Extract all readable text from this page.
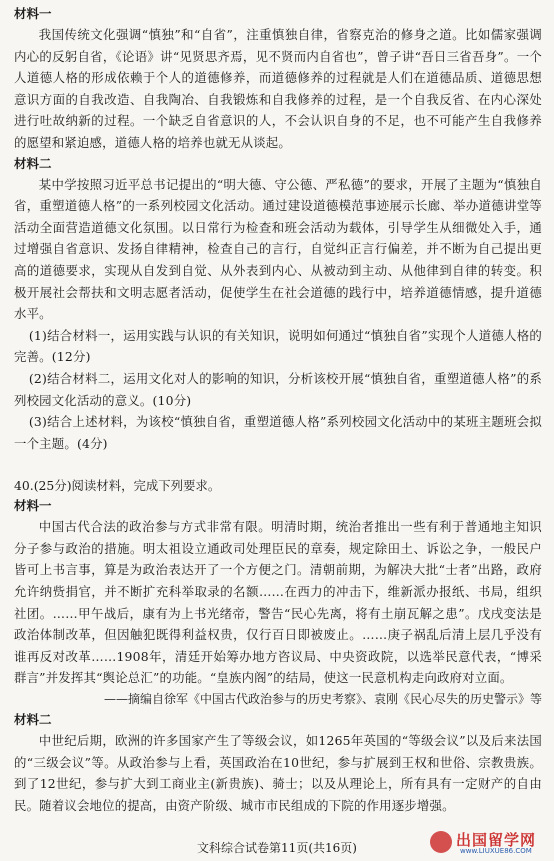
材料一

我国传统文化强调“慎独”和“自省”，注重慎独自律，省察克治的修身之道。比如儒家强调内心的反躬自省，《论语》讲“见贤思齐焉，见不贤而内自省也”，曾子讲“吾日三省吾身”。一个人道德人格的形成依赖于个人的道德修养，而道德修养的过程就是人们在道德品质、道德思想意识方面的自我改造、自我陶冶、自我锻炼和自我修养的过程，是一个自我反省、在内心深处进行吐故纳新的过程。一个缺乏自省意识的人，不会认识自身的不足，也不可能产生自我修养的愿望和紧迫感，道德人格的培养也就无从谈起。

材料二

某中学按照习近平总书记提出的“明大德、守公德、严私德”的要求，开展了主题为“慎独自省，重塑道德人格”的一系列校园文化活动。通过建设道德模范事迹展示长廊、举办道德讲堂等活动全面营造道德文化氛围。以日常行为检查和班会活动为载体，引导学生从细微处入手，通过增强自省意识、发扬自律精神，检查自己的言行，自觉纠正言行偏差，并不断为自己提出更高的道德要求，实现从自发到自觉、从外表到内心、从被动到主动、从他律到自律的转变。积极开展社会帮扶和文明志愿者活动，促使学生在社会道德的践行中，培养道德情感，提升道德水平。

(1)结合材料一，运用实践与认识的有关知识，说明如何通过“慎独自省”实现个人道德人格的完善。(12分)

(2)结合材料二，运用文化对人的影响的知识，分析该校开展“慎独自省，重塑道德人格”的系列校园文化活动的意义。(10分)

(3)结合上述材料，为该校“慎独自省，重塑道德人格”系列校园文化活动中的某班主题班会拟一个主题。(4分)

40.(25分)阅读材料，完成下列要求。

材料一

中国古代合法的政治参与方式非常有限。明清时期，统治者推出一些有利于普通地主知识分子参与政治的措施。明太祖设立通政司处理臣民的章奏，规定除田土、诉讼之争，一般民户皆可上书言事，算是为政治表达开了一个方便之门。清朝前期，为解决大批“士者”出路，政府允许纳赀捐官，并不断扩充科举取录的名额……在西力的冲击下，维新派办报纸、书局，组织社团。……甲午战后，康有为上书光绪帝，警告“民心先离，将有土崩瓦解之患”。戊戌变法是政治体制改革，但因触犯既得利益权贵，仅行百日即被废止。……庚子祸乱后清上层几乎没有谁再反对改革……1908年，清廷开始筹办地方咨议局、中央资政院，以选举民意代表，“博采群言”并发挥其“舆论总汇”的功能。“皇族内阁”的结局，使这一民意机构走向政府对立面。

——摘编自徐军《中国古代政治参与的历史考察》、袁刚《民心尽失的历史警示》等

材料二

中世纪后期，欧洲的许多国家产生了等级会议，如1265年英国的“等级会议”以及后来法国的“三级会议”等。从政治参与上看，英国政治在10世纪，参与扩展到王权和世俗、宗教贵族。到了12世纪，参与扩大到工商业主(新贵族)、骑士；以及从理论上，所有具有一定财产的自由民。随着议会地位的提高，由资产阶级、城市市民组成的下院的作用逐步增强。

文科综合试卷第11页(共16页)	出国留学网
www.LIUXUE86.COM
